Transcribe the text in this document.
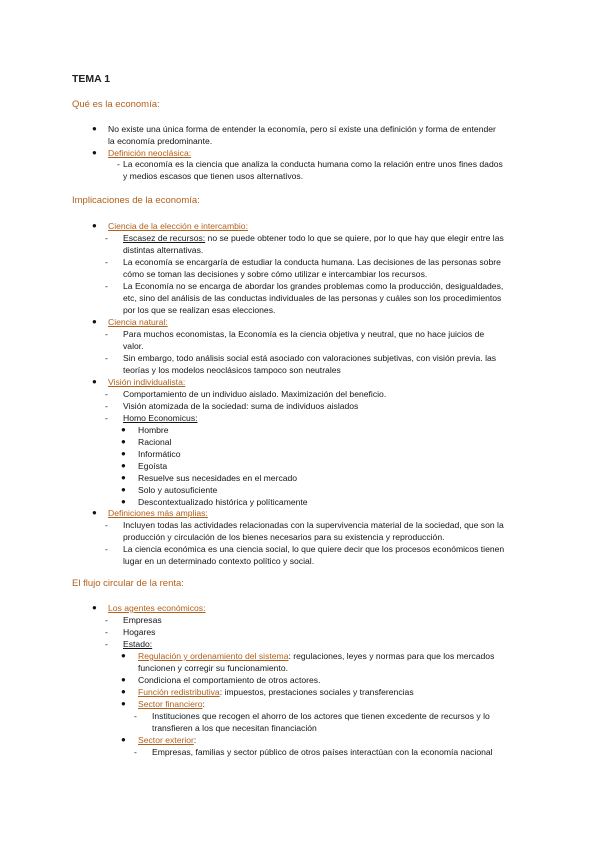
TEMA 1
Qué es la economía:
● No existe una única forma de entender la economía, pero sí existe una definición y forma de entender
la economía predominante.
● Definición neoclásica:
- La economía es la ciencia que analiza la conducta humana como la relación entre unos fines dados
y medios escasos que tienen usos alternativos.
Implicaciones de la economía:
● Ciencia de la elección e intercambio:
- Escasez de recursos: no se puede obtener todo lo que se quiere, por lo que hay que elegir entre las
distintas alternativas.
- La economía se encargaría de estudiar la conducta humana. Las decisiones de las personas sobre
cómo se toman las decisiones y sobre cómo utilizar e intercambiar los recursos.
- La Economía no se encarga de abordar los grandes problemas como la producción, desigualdades,
etc, sino del análisis de las conductas individuales de las personas y cuáles son los procedimientos
por los que se realizan esas elecciones.
● Ciencia natural:
- Para muchos economistas, la Economía es la ciencia objetiva y neutral, que no hace juicios de
valor.
- Sin embargo, todo análisis social está asociado con valoraciones subjetivas, con visión previa. las
teorías y los modelos neoclásicos tampoco son neutrales
● Visión individualista:
- Comportamiento de un individuo aislado. Maximización del beneficio.
- Visión atomizada de la sociedad: suma de individuos aislados
- Homo Economicus:
● Hombre
● Racional
● Informático
● Egoísta
● Resuelve sus necesidades en el mercado
● Solo y autosuficiente
● Descontextualizado histórica y políticamente
● Definiciones más amplias:
- Incluyen todas las actividades relacionadas con la supervivencia material de la sociedad, que son la
producción y circulación de los bienes necesarios para su existencia y reproducción.
- La ciencia económica es una ciencia social, lo que quiere decir que los procesos económicos tienen
lugar en un determinado contexto político y social.
El flujo circular de la renta:
● Los agentes económicos:
- Empresas
- Hogares
- Estado:
● Regulación y ordenamiento del sistema: regulaciones, leyes y normas para que los mercados
funcionen y corregir su funcionamiento.
● Condiciona el comportamiento de otros actores.
● Función redistributiva: impuestos, prestaciones sociales y transferencias
● Sector financiero:
- Instituciones que recogen el ahorro de los actores que tienen excedente de recursos y lo
transfieren a los que necesitan financiación
● Sector exterior:
- Empresas, familias y sector público de otros países interactúan con la economía nacional
